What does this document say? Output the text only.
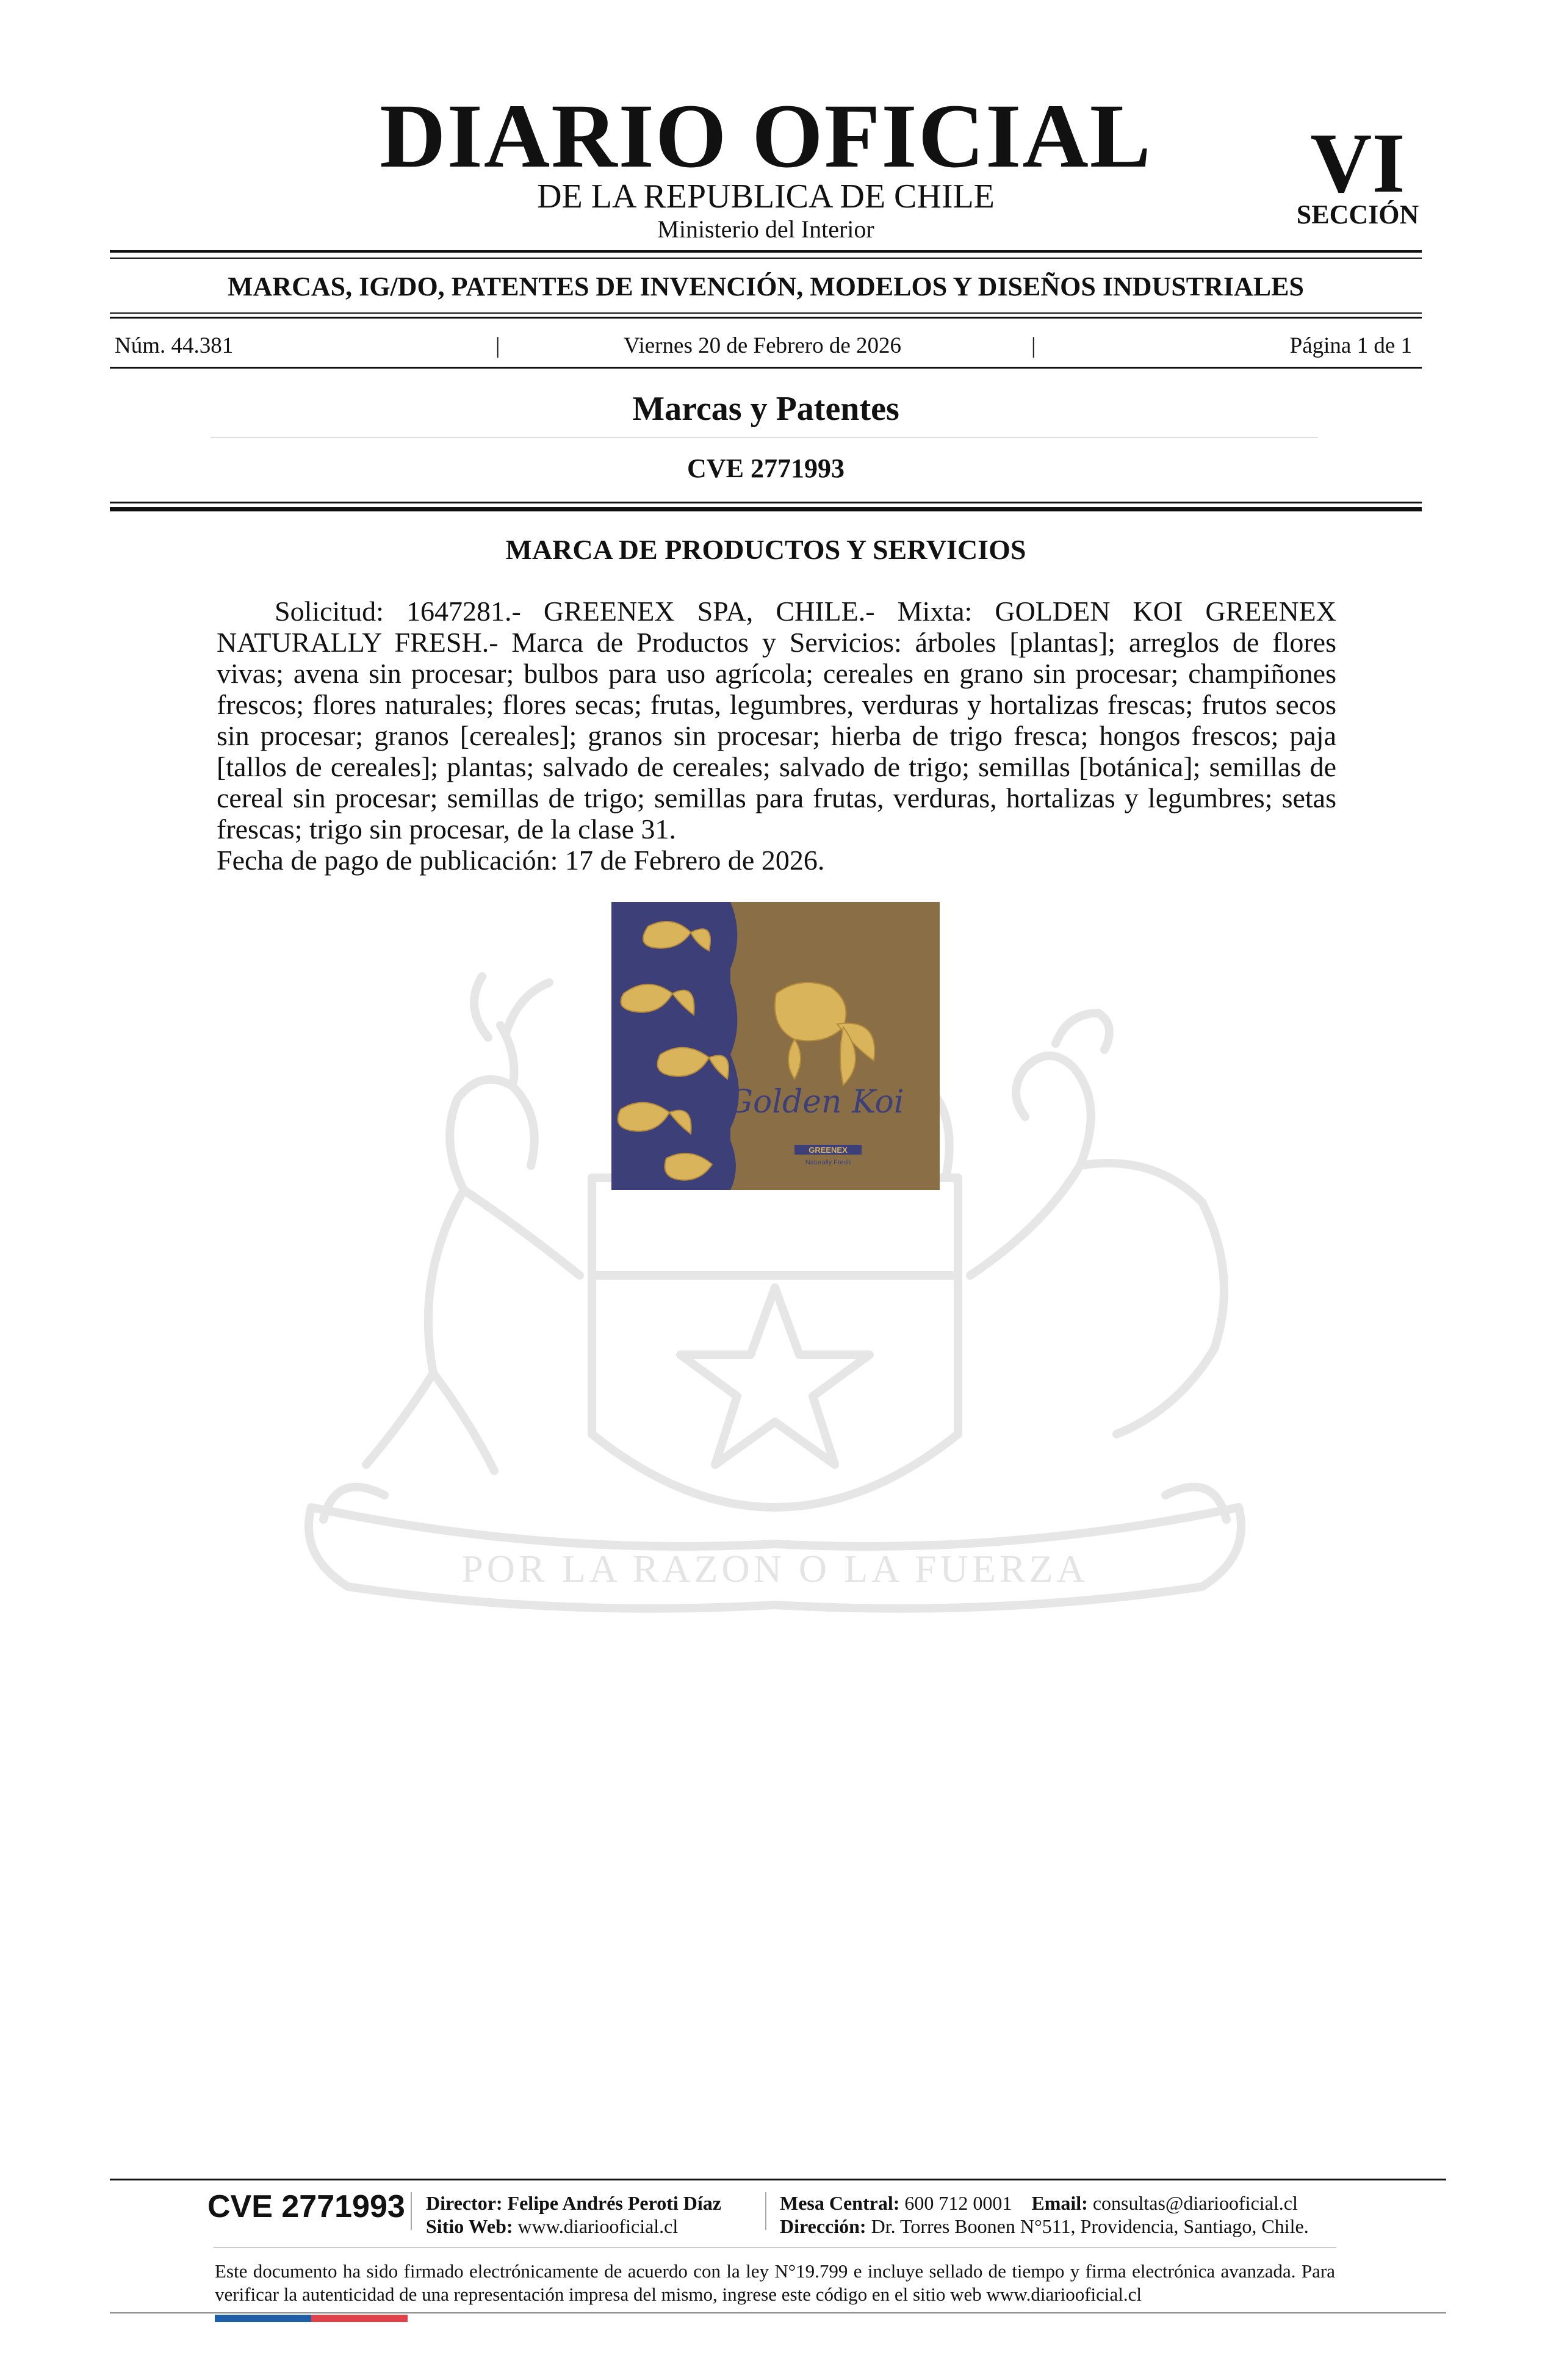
DIARIO OFICIAL
DE LA REPUBLICA DE CHILE
Ministerio del Interior
VI
SECCIÓN
MARCAS, IG/DO, PATENTES DE INVENCIÓN, MODELOS Y DISEÑOS INDUSTRIALES
Núm. 44.381	|	Viernes 20 de Febrero de 2026	|	Página 1 de 1
Marcas y Patentes
CVE 2771993
MARCA DE PRODUCTOS Y SERVICIOS
POR LA RAZON O LA FUERZA

Solicitud: 1647281.- GREENEX SPA, CHILE.- Mixta: GOLDEN KOI GREENEX NATURALLY FRESH.- Marca de Productos y Servicios: árboles [plantas]; arreglos de flores vivas; avena sin procesar; bulbos para uso agrícola; cereales en grano sin procesar; champiñones frescos; flores naturales; flores secas; frutas, legumbres, verduras y hortalizas frescas; frutos secos sin procesar; granos [cereales]; granos sin procesar; hierba de trigo fresca; hongos frescos; paja [tallos de cereales]; plantas; salvado de cereales; salvado de trigo; semillas [botánica]; semillas de cereal sin procesar; semillas de trigo; semillas para frutas, verduras, hortalizas y legumbres; setas frescas; trigo sin procesar, de la clase 31.

Fecha de pago de publicación: 17 de Febrero de 2026.
Golden Koi
GREENEX
Naturally Fresh
CVE 2771993 Director: Felipe Andrés Peroti Díaz
Sitio Web: www.diariooficial.cl
Mesa Central: 600 712 0001 Email: consultas@diariooficial.cl
Dirección: Dr. Torres Boonen N°511, Providencia, Santiago, Chile.

Este documento ha sido firmado electrónicamente de acuerdo con la ley N°19.799 e incluye sellado de tiempo y firma electrónica avanzada. Para verificar la autenticidad de una representación impresa del mismo, ingrese este código en el sitio web www.diariooficial.cl
